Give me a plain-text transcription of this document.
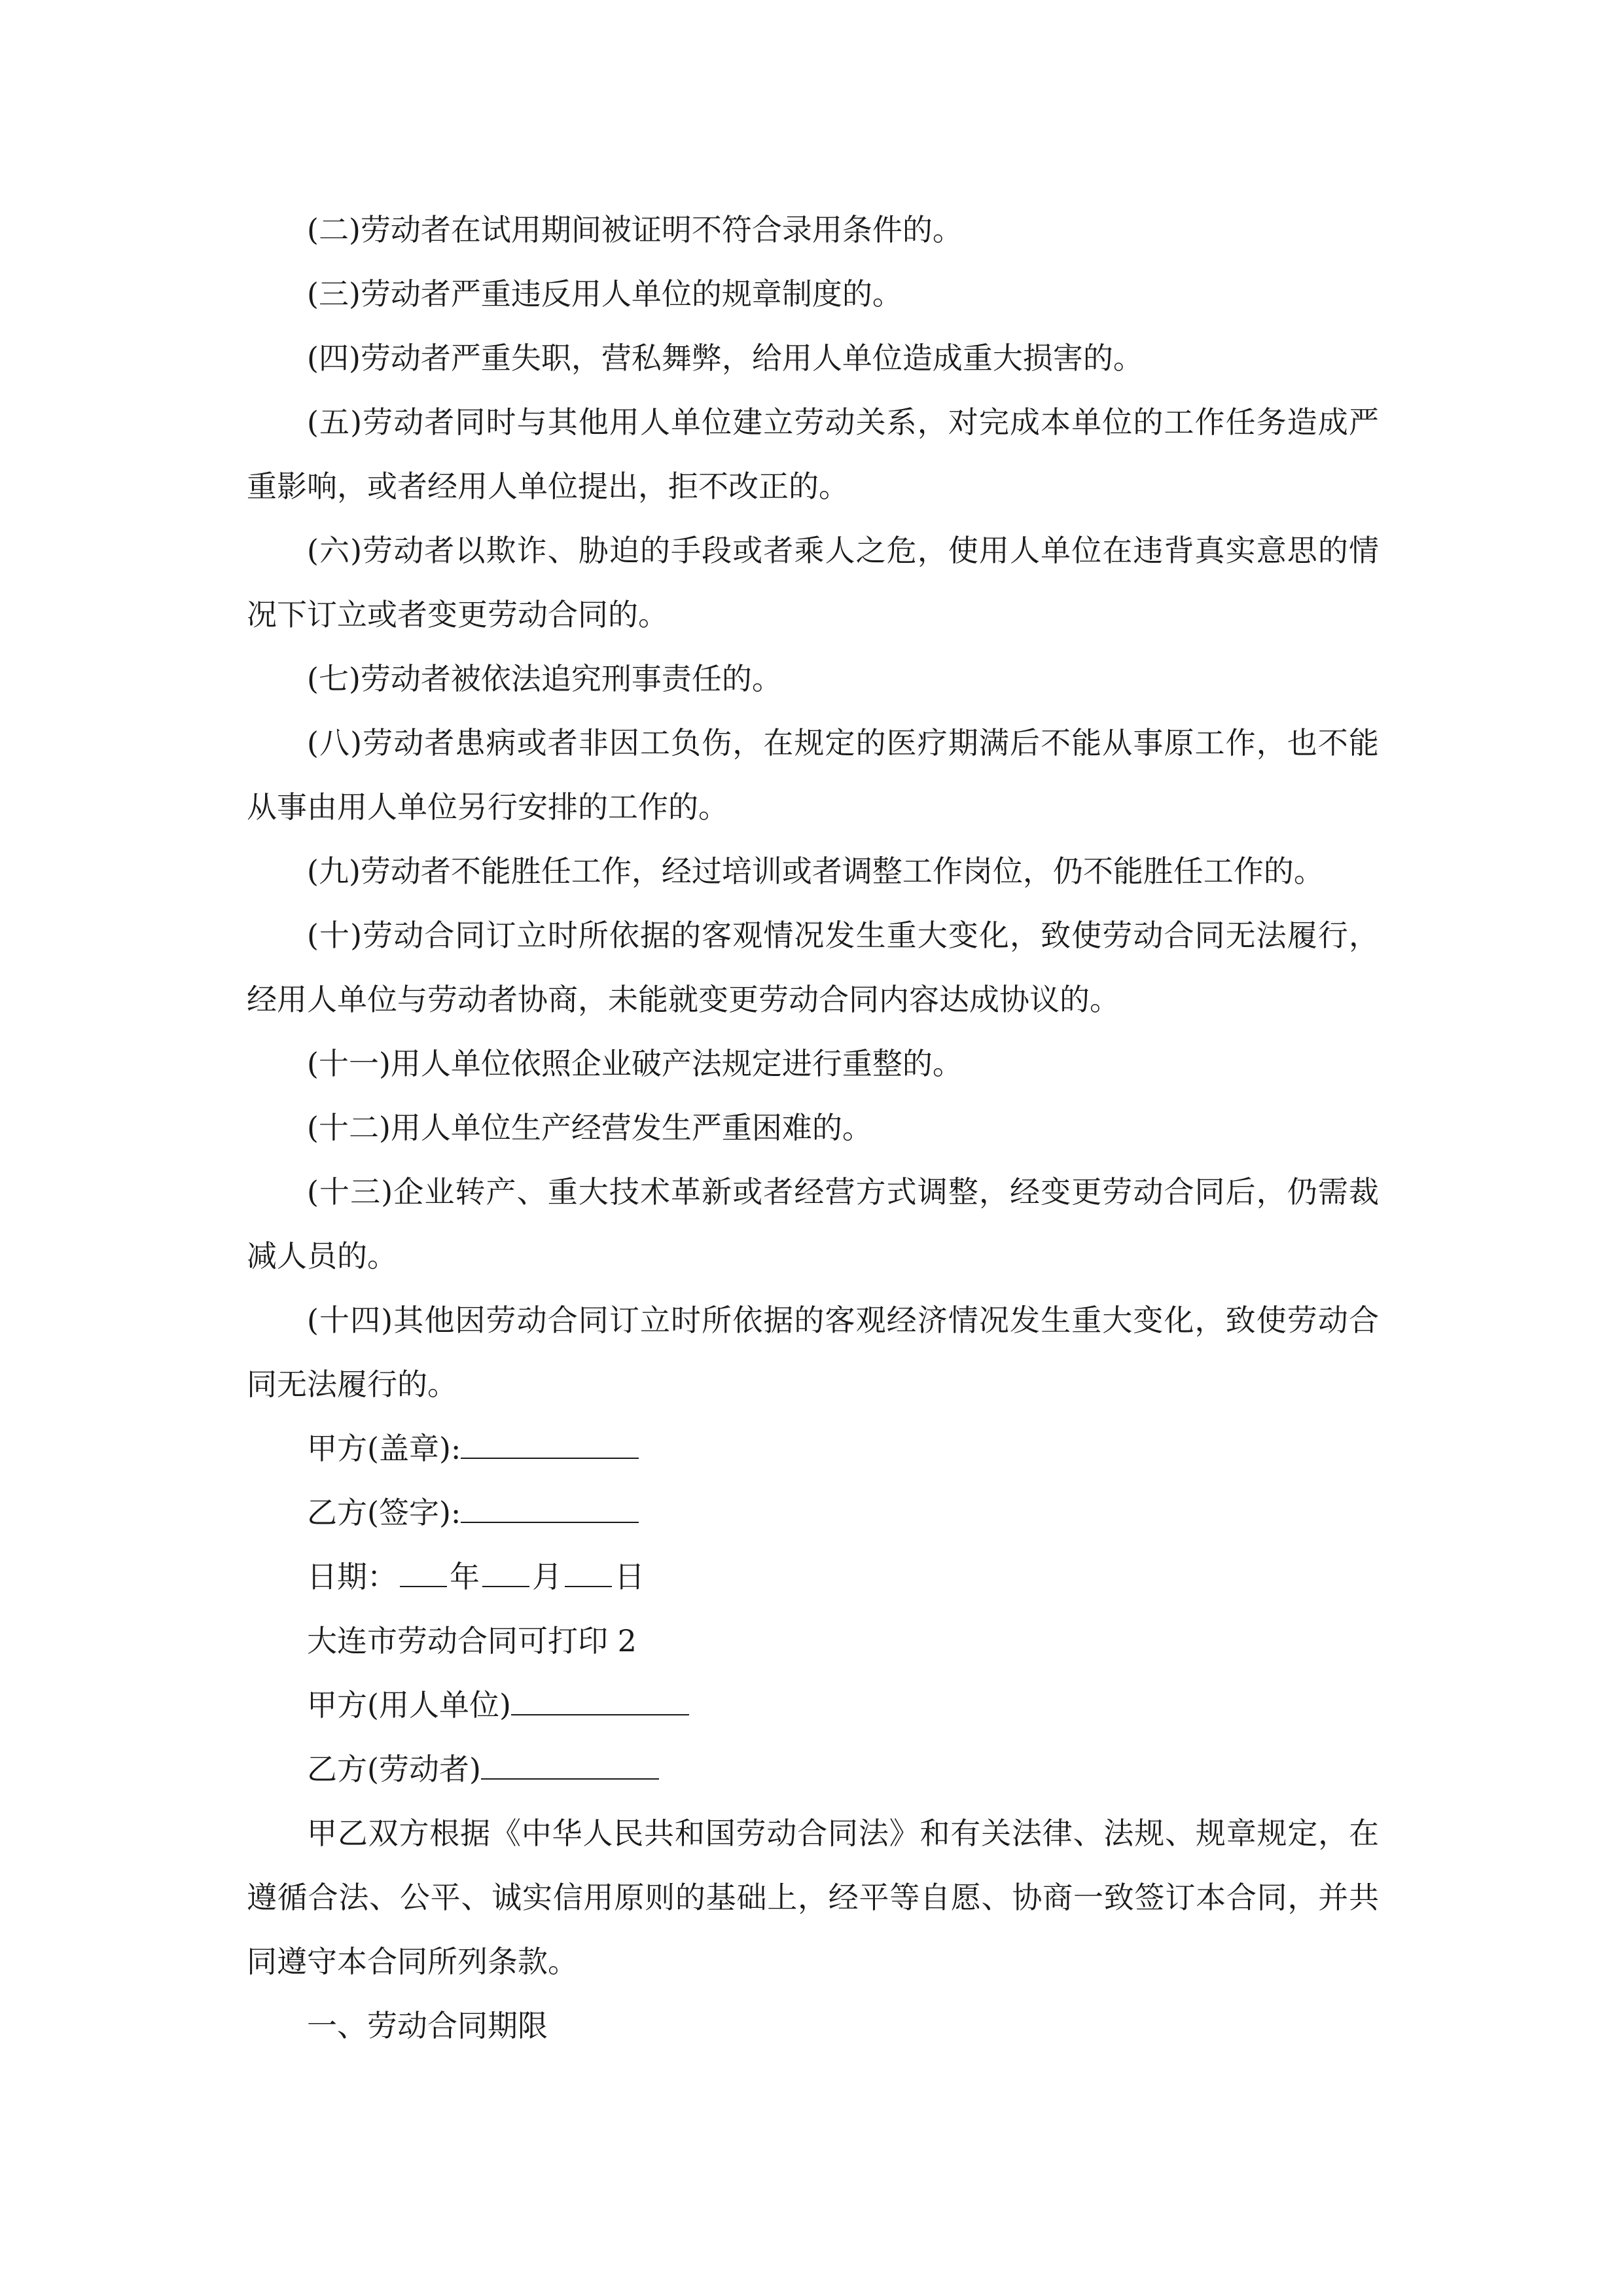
(二)劳动者在试用期间被证明不符合录用条件的。

(三)劳动者严重违反用人单位的规章制度的。

(四)劳动者严重失职，营私舞弊，给用人单位造成重大损害的。

(五)劳动者同时与其他用人单位建立劳动关系，对完成本单位的工作任务造成严重影响，或者经用人单位提出，拒不改正的。

(六)劳动者以欺诈、胁迫的手段或者乘人之危，使用人单位在违背真实意思的情况下订立或者变更劳动合同的。

(七)劳动者被依法追究刑事责任的。

(八)劳动者患病或者非因工负伤，在规定的医疗期满后不能从事原工作，也不能从事由用人单位另行安排的工作的。

(九)劳动者不能胜任工作，经过培训或者调整工作岗位，仍不能胜任工作的。

(十)劳动合同订立时所依据的客观情况发生重大变化，致使劳动合同无法履行，经用人单位与劳动者协商，未能就变更劳动合同内容达成协议的。

(十一)用人单位依照企业破产法规定进行重整的。

(十二)用人单位生产经营发生严重困难的。

(十三)企业转产、重大技术革新或者经营方式调整，经变更劳动合同后，仍需裁减人员的。

(十四)其他因劳动合同订立时所依据的客观经济情况发生重大变化，致使劳动合同无法履行的。

甲方(盖章):

乙方(签字):

日期： 年 月 日

大连市劳动合同可打印 2

甲方(用人单位)

乙方(劳动者)

甲乙双方根据《中华人民共和国劳动合同法》和有关法律、法规、规章规定，在遵循合法、公平、诚实信用原则的基础上，经平等自愿、协商一致签订本合同，并共同遵守本合同所列条款。

一、劳动合同期限
